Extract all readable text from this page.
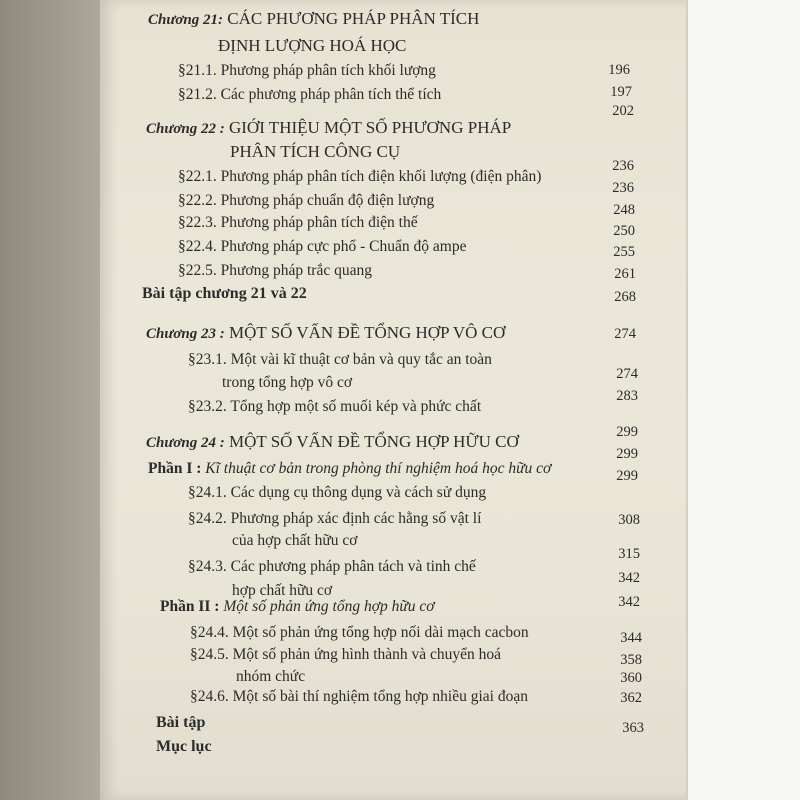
Chương 21: CÁC PHƯƠNG PHÁP PHÂN TÍCH
ĐỊNH LƯỢNG HOÁ HỌC
§21.1. Phương pháp phân tích khối lượng
§21.2. Các phương pháp phân tích thể tích
Chương 22 : GIỚI THIỆU MỘT SỐ PHƯƠNG PHÁP
PHÂN TÍCH CÔNG CỤ
§22.1. Phương pháp phân tích điện khối lượng (điện phân)
§22.2. Phương pháp chuẩn độ điện lượng
§22.3. Phương pháp phân tích điện thế
§22.4. Phương pháp cực phổ - Chuẩn độ ampe
§22.5. Phương pháp trắc quang
Bài tập chương 21 và 22
Chương 23 : MỘT SỐ VẤN ĐỀ TỔNG HỢP VÔ CƠ
§23.1. Một vài kĩ thuật cơ bản và quy tắc an toàn
trong tổng hợp vô cơ
§23.2. Tổng hợp một số muối kép và phức chất
Chương 24 : MỘT SỐ VẤN ĐỀ TỔNG HỢP HỮU CƠ
Phần I : Kĩ thuật cơ bản trong phòng thí nghiệm hoá học hữu cơ
§24.1. Các dụng cụ thông dụng và cách sử dụng
§24.2. Phương pháp xác định các hằng số vật lí
của hợp chất hữu cơ
§24.3. Các phương pháp phân tách và tinh chế
hợp chất hữu cơ
Phần II : Một số phản ứng tổng hợp hữu cơ
§24.4. Một số phản ứng tổng hợp nối dài mạch cacbon
§24.5. Một số phản ứng hình thành và chuyển hoá
nhóm chức
§24.6. Một số bài thí nghiệm tổng hợp nhiều giai đoạn
Bài tập
Mục lục
196
197
202
236
236
248
250
255
261
268
274
274
283
299
299
299
308
315
342
342
344
358
360
362
363
